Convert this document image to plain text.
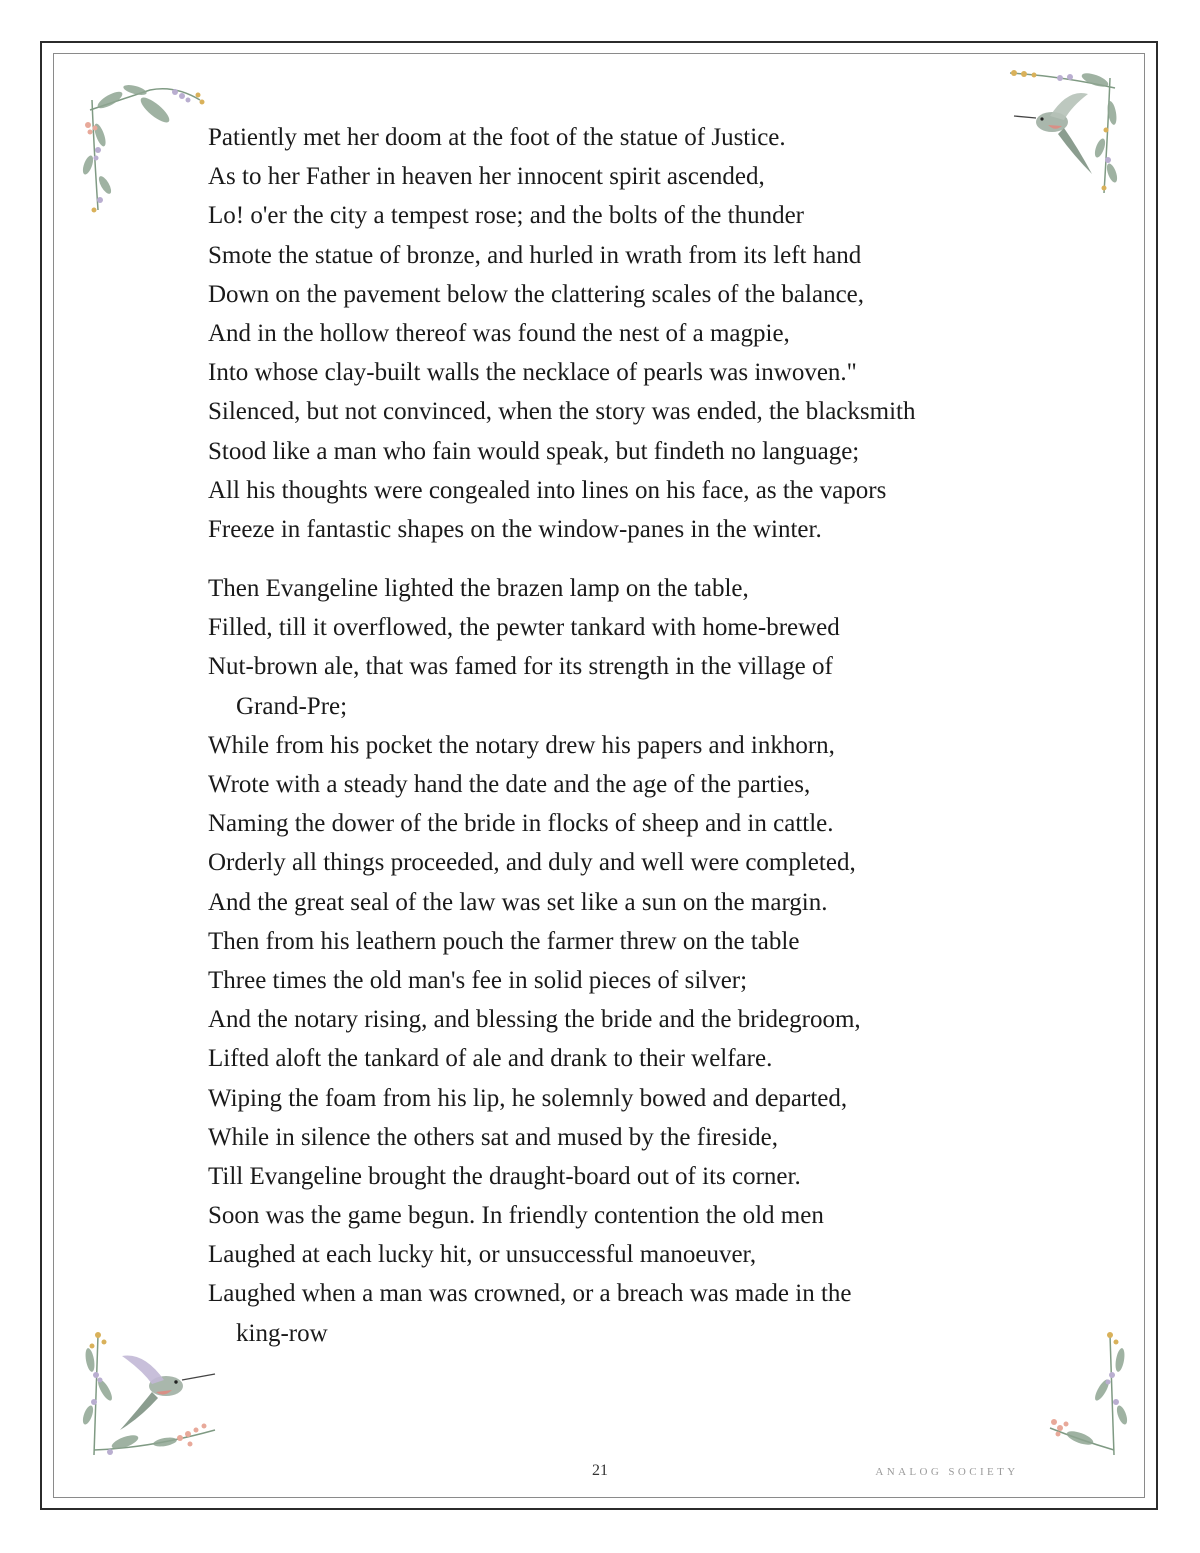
Patiently met her doom at the foot of the statue of Justice.
As to her Father in heaven her innocent spirit ascended,
Lo! o'er the city a tempest rose; and the bolts of the thunder
Smote the statue of bronze, and hurled in wrath from its left hand
Down on the pavement below the clattering scales of the balance,
And in the hollow thereof was found the nest of a magpie,
Into whose clay-built walls the necklace of pearls was inwoven."
Silenced, but not convinced, when the story was ended, the blacksmith
Stood like a man who fain would speak, but findeth no language;
All his thoughts were congealed into lines on his face, as the vapors
Freeze in fantastic shapes on the window-panes in the winter.
Then Evangeline lighted the brazen lamp on the table,
Filled, till it overflowed, the pewter tankard with home-brewed
Nut-brown ale, that was famed for its strength in the village of
Grand-Pre;
While from his pocket the notary drew his papers and inkhorn,
Wrote with a steady hand the date and the age of the parties,
Naming the dower of the bride in flocks of sheep and in cattle.
Orderly all things proceeded, and duly and well were completed,
And the great seal of the law was set like a sun on the margin.
Then from his leathern pouch the farmer threw on the table
Three times the old man's fee in solid pieces of silver;
And the notary rising, and blessing the bride and the bridegroom,
Lifted aloft the tankard of ale and drank to their welfare.
Wiping the foam from his lip, he solemnly bowed and departed,
While in silence the others sat and mused by the fireside,
Till Evangeline brought the draught-board out of its corner.
Soon was the game begun. In friendly contention the old men
Laughed at each lucky hit, or unsuccessful manoeuver,
Laughed when a man was crowned, or a breach was made in the
king-row
21	ANALOG SOCIETY
